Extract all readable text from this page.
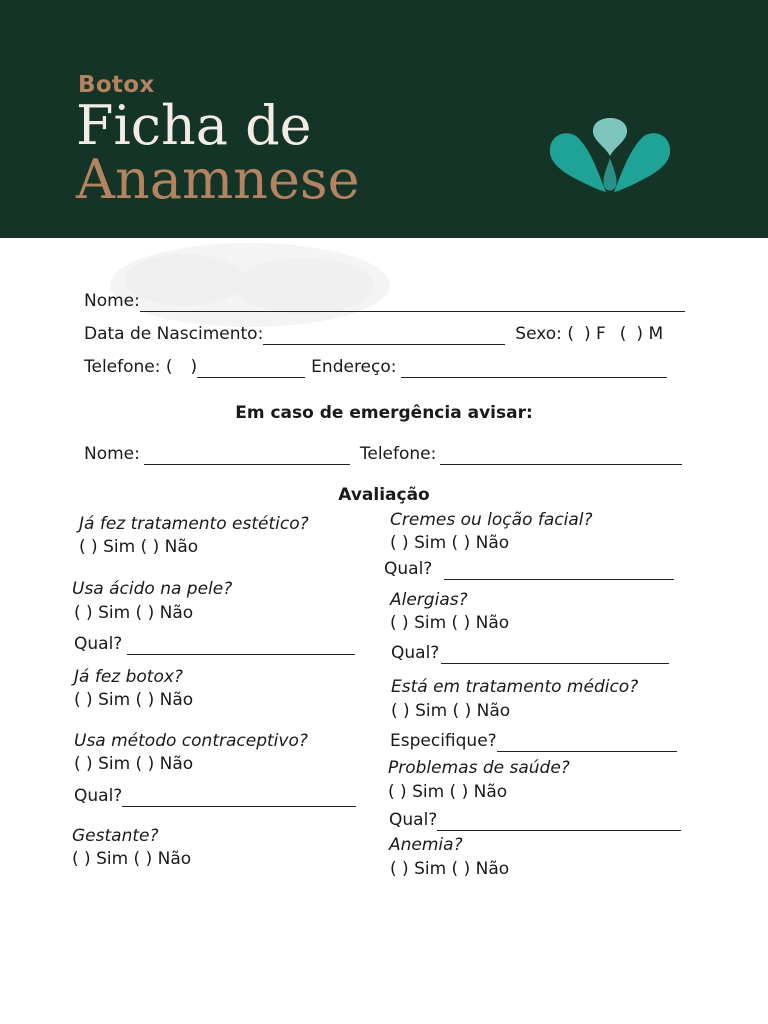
Botox
Ficha de
Anamnese
Nome:
Data de Nascimento:	Sexo: ( ) F ( ) M
Telefone: ( )	Endereço:
Em caso de emergência avisar:
Nome:	Telefone:
Avaliação
Já fez tratamento estético?
( ) Sim ( ) Não
Usa ácido na pele?
( ) Sim ( ) Não
Qual?
Já fez botox?
( ) Sim ( ) Não
Usa método contraceptivo?
( ) Sim ( ) Não
Qual?
Gestante?
( ) Sim ( ) Não
Cremes ou loção facial?
( ) Sim ( ) Não
Qual?
Alergias?
( ) Sim ( ) Não
Qual?
Está em tratamento médico?
( ) Sim ( ) Não
Especifique?
Problemas de saúde?
( ) Sim ( ) Não
Qual?
Anemia?
( ) Sim ( ) Não
